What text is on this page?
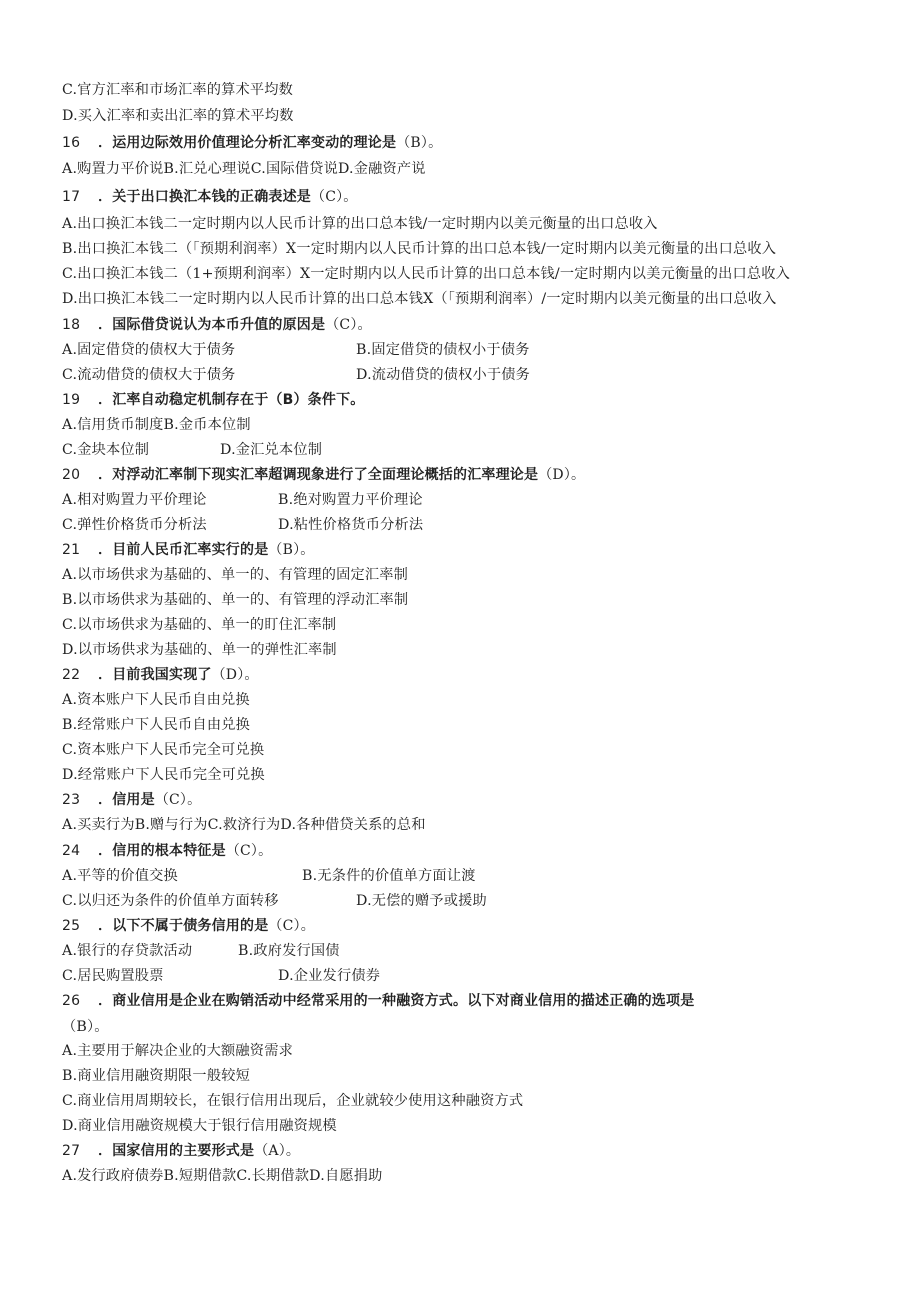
C.官方汇率和市场汇率的算术平均数
D.买入汇率和卖出汇率的算术平均数
16 ．运用边际效用价值理论分析汇率变动的理论是（B）。
A.购置力平价说B.汇兑心理说C.国际借贷说D.金融资产说
17 ．关于出口换汇本钱的正确表述是（C）。
A.出口换汇本钱二一定时期内以人民币计算的出口总本钱/一定时期内以美元衡量的出口总收入
B.出口换汇本钱二（「预期利润率）X一定时期内以人民币计算的出口总本钱/一定时期内以美元衡量的出口总收入
C.出口换汇本钱二（1+预期利润率）X一定时期内以人民币计算的出口总本钱/一定时期内以美元衡量的出口总收入
D.出口换汇本钱二一定时期内以人民币计算的出口总本钱X（「预期利润率）/一定时期内以美元衡量的出口总收入
18 ．国际借贷说认为本币升值的原因是（C）。
A.固定借贷的债权大于债务	B.固定借贷的债权小于债务
C.流动借贷的债权大于债务	D.流动借贷的债权小于债务
19 ．汇率自动稳定机制存在于（B）条件下。
A.信用货币制度B.金币本位制
C.金块本位制	D.金汇兑本位制
20 ．对浮动汇率制下现实汇率超调现象进行了全面理论概括的汇率理论是（D）。
A.相对购置力平价理论	B.绝对购置力平价理论
C.弹性价格货币分析法	D.粘性价格货币分析法
21 ．目前人民币汇率实行的是（B）。
A.以市场供求为基础的、单一的、有管理的固定汇率制
B.以市场供求为基础的、单一的、有管理的浮动汇率制
C.以市场供求为基础的、单一的盯住汇率制
D.以市场供求为基础的、单一的弹性汇率制
22 ．目前我国实现了（D）。
A.资本账户下人民币自由兑换
B.经常账户下人民币自由兑换
C.资本账户下人民币完全可兑换
D.经常账户下人民币完全可兑换
23 ．信用是（C）。
A.买卖行为B.赠与行为C.救济行为D.各种借贷关系的总和
24 ．信用的根本特征是（C）。
A.平等的价值交换	B.无条件的价值单方面让渡
C.以归还为条件的价值单方面转移	D.无偿的赠予或援助
25 ．以下不属于债务信用的是（C）。
A.银行的存贷款活动	B.政府发行国债
C.居民购置股票	D.企业发行债券
26 ．商业信用是企业在购销活动中经常采用的一种融资方式。以下对商业信用的描述正确的选项是
（B）。
A.主要用于解决企业的大额融资需求
B.商业信用融资期限一般较短
C.商业信用周期较长，在银行信用出现后，企业就较少使用这种融资方式
D.商业信用融资规模大于银行信用融资规模
27 ．国家信用的主要形式是（A）。
A.发行政府债券B.短期借款C.长期借款D.自愿捐助
